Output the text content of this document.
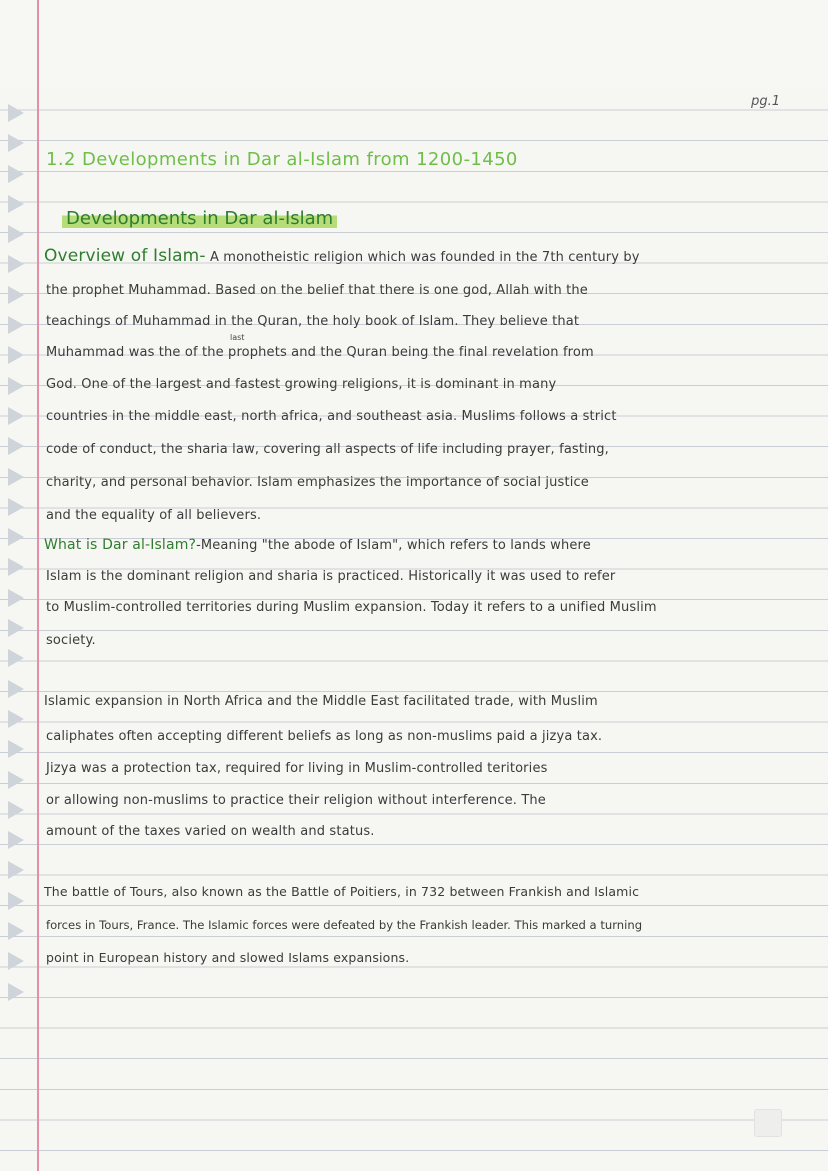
pg.1
1.2 Developments in Dar al-Islam from 1200-1450
Developments in Dar al-Islam
Overview of Islam- A monotheistic religion which was founded in the 7th century by
the prophet Muhammad. Based on the belief that there is one god, Allah with the
teachings of Muhammad in the Quran, the holy book of Islam. They believe that
last
Muhammad was the of the prophets and the Quran being the final revelation from
God. One of the largest and fastest growing religions, it is dominant in many
countries in the middle east, north africa, and southeast asia. Muslims follows a strict
code of conduct, the sharia law, covering all aspects of life including prayer, fasting,
charity, and personal behavior. Islam emphasizes the importance of social justice
and the equality of all believers.
What is Dar al-Islam?-Meaning "the abode of Islam", which refers to lands where
Islam is the dominant religion and sharia is practiced. Historically it was used to refer
to Muslim-controlled territories during Muslim expansion. Today it refers to a unified Muslim
society.
Islamic expansion in North Africa and the Middle East facilitated trade, with Muslim
caliphates often accepting different beliefs as long as non-muslims paid a jizya tax.
Jizya was a protection tax, required for living in Muslim-controlled teritories
or allowing non-muslims to practice their religion without interference. The
amount of the taxes varied on wealth and status.
The battle of Tours, also known as the Battle of Poitiers, in 732 between Frankish and Islamic
forces in Tours, France. The Islamic forces were defeated by the Frankish leader. This marked a turning
point in European history and slowed Islams expansions.
